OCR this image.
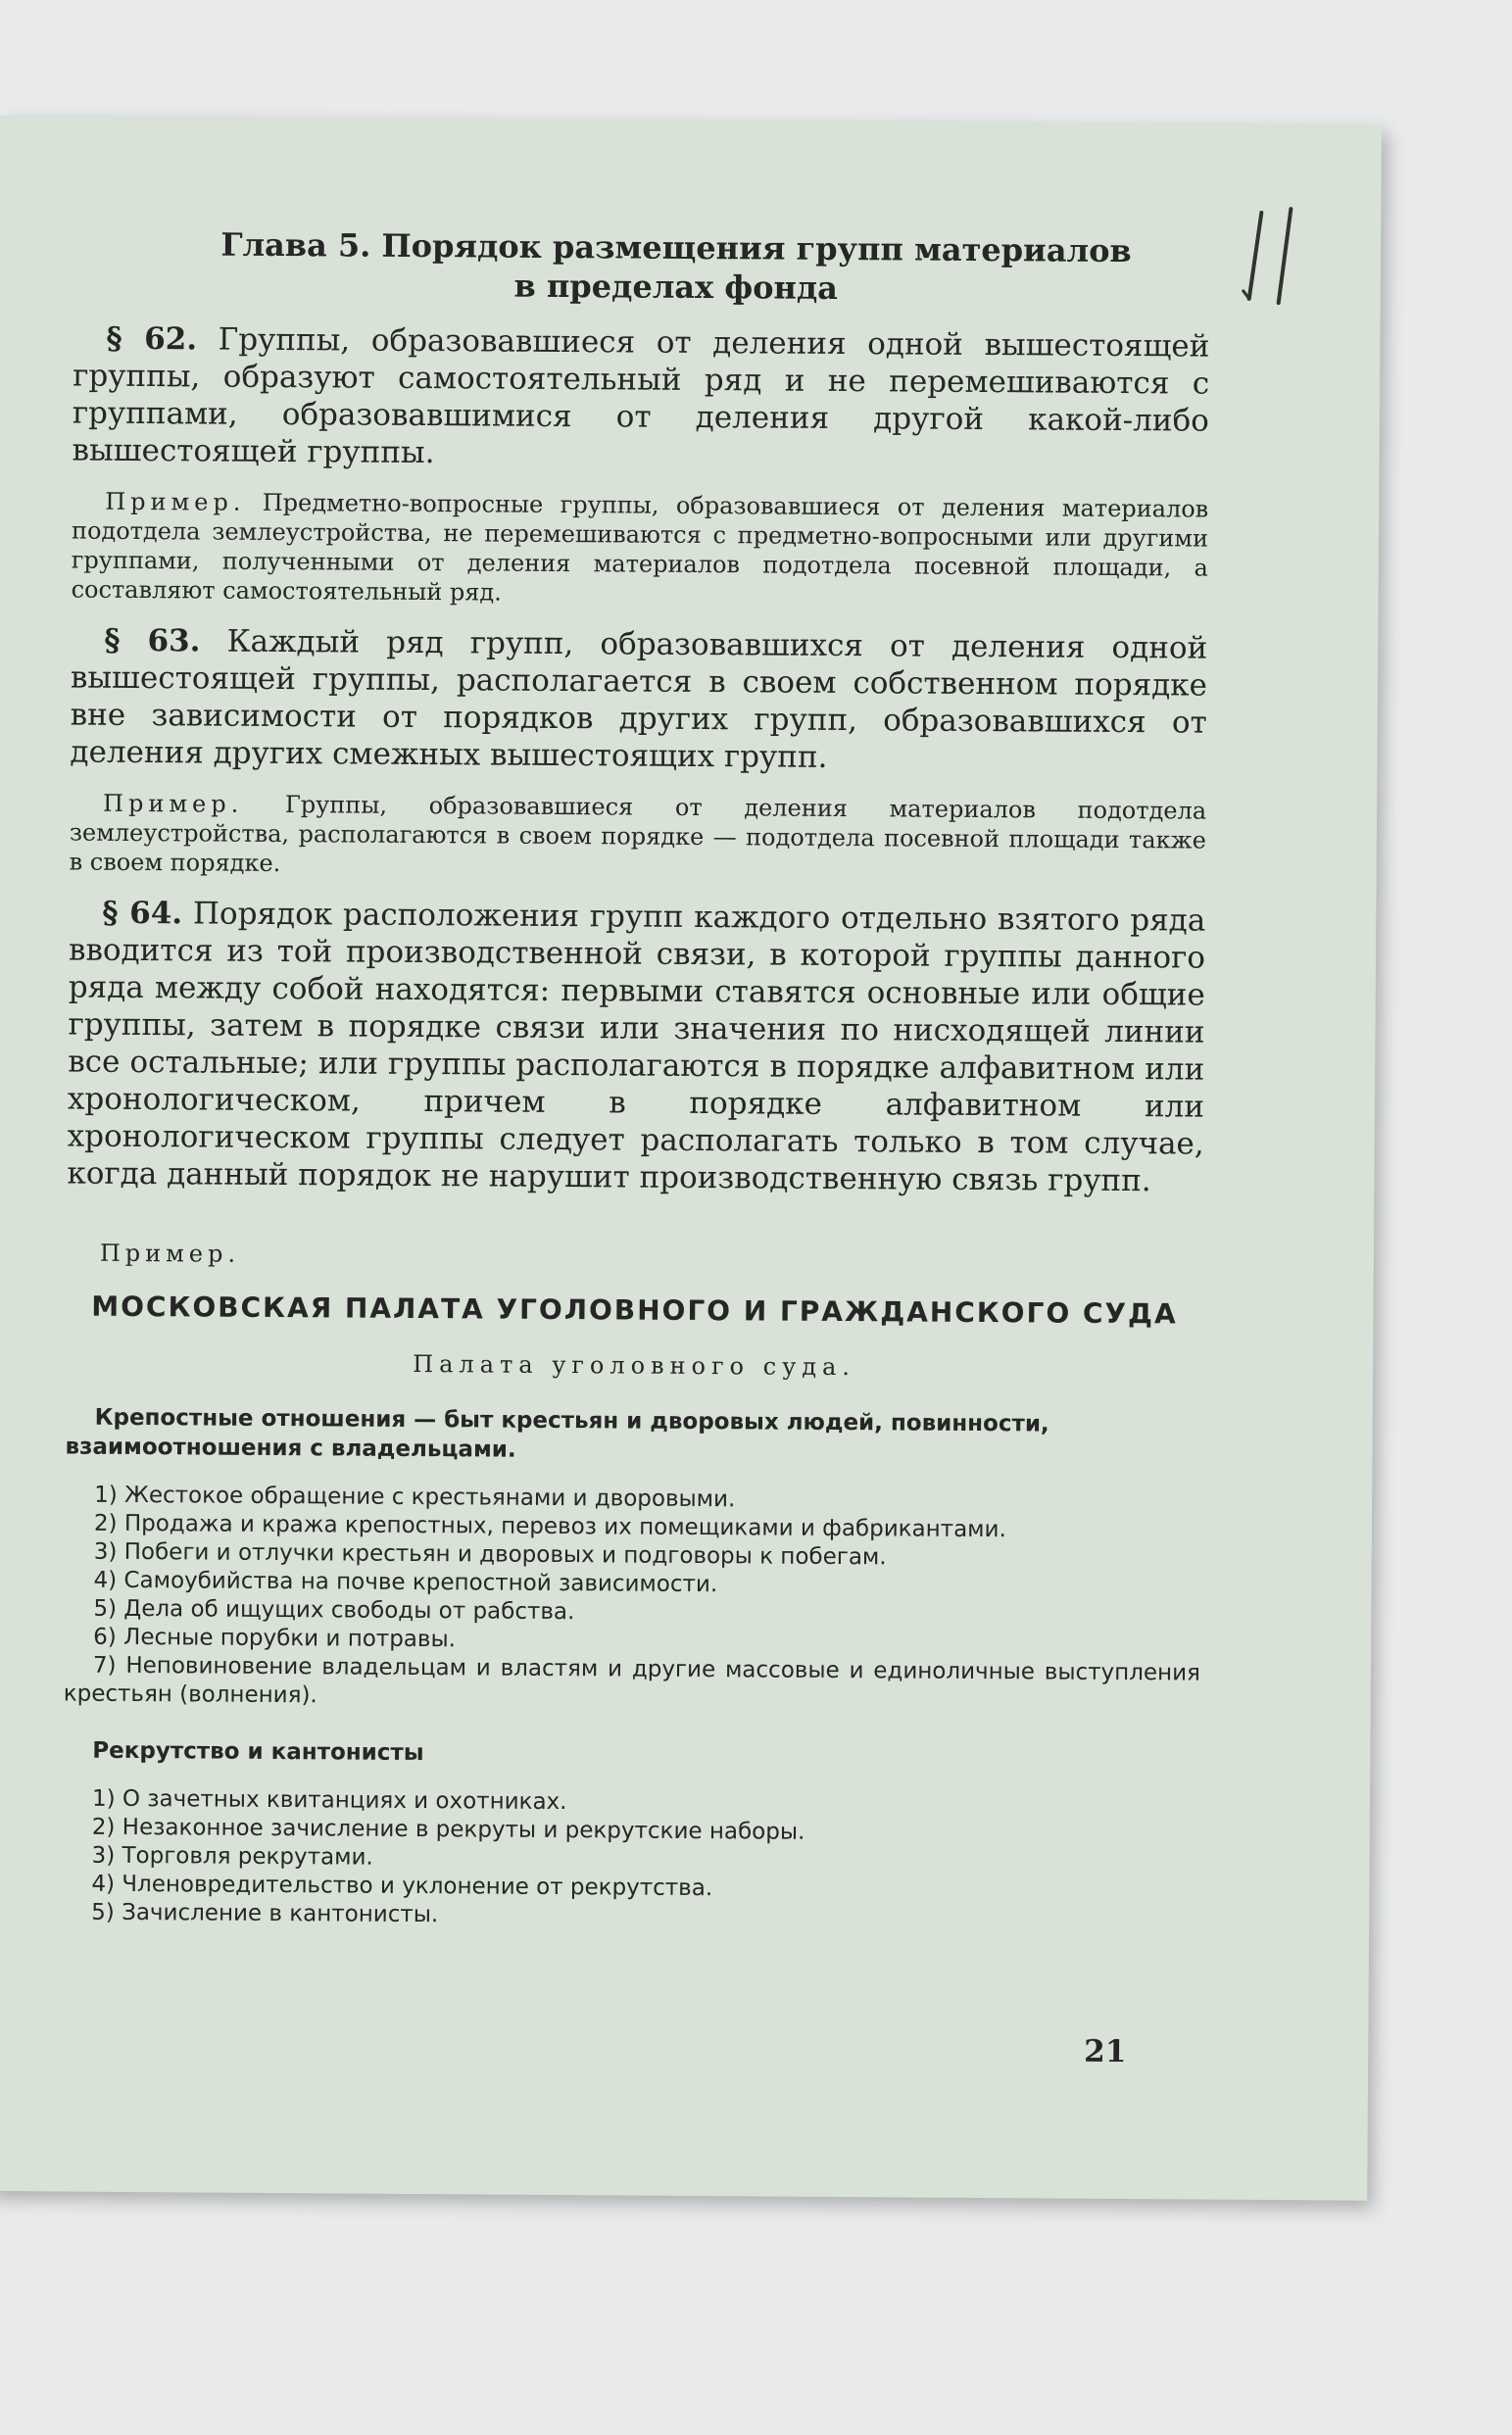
Глава 5. Порядок размещения групп материалов
в пределах фонда

§ 62. Группы, образовавшиеся от деления одной вышестоящей группы, образуют самостоятельный ряд и не перемешиваются с группами, образовавшимися от деления другой какой-либо вышестоящей группы.

Пример. Предметно-вопросные группы, образовавшиеся от деления материалов подотдела землеустройства, не перемешиваются с предметно-вопросными или другими группами, полученными от деления материалов подотдела посевной площади, а составляют самостоятельный ряд.

§ 63. Каждый ряд групп, образовавшихся от деления одной вышестоящей группы, располагается в своем собственном порядке вне зависимости от порядков других групп, образовавшихся от деления других смежных вышестоящих групп.

Пример. Группы, образовавшиеся от деления материалов подотдела землеустройства, располагаются в своем порядке — подотдела посевной площади также в своем порядке.

§ 64. Порядок расположения групп каждого отдельно взятого ряда вводится из той производственной связи, в которой группы данного ряда между собой находятся: первыми ставятся основные или общие группы, затем в порядке связи или значения по нисходящей линии все остальные; или группы располагаются в порядке алфавитном или хронологическом, причем в порядке алфавитном или хронологическом группы следует располагать только в том случае, когда данный порядок не нарушит производственную связь групп.

Пример.
МОСКОВСКАЯ ПАЛАТА УГОЛОВНОГО И ГРАЖДАНСКОГО СУДА
Палата уголовного суда.
Крепостные отношения — быт крестьян и дворовых людей, повинности, взаимоотношения с владельцами.
1) Жестокое обращение с крестьянами и дворовыми.
2) Продажа и кража крепостных, перевоз их помещиками и фабрикантами.
3) Побеги и отлучки крестьян и дворовых и подговоры к побегам.
4) Самоубийства на почве крепостной зависимости.
5) Дела об ищущих свободы от рабства.
6) Лесные порубки и потравы.
7) Неповиновение владельцам и властям и другие массовые и единоличные выступления крестьян (волнения).
Рекрутство и кантонисты
1) О зачетных квитанциях и охотниках.
2) Незаконное зачисление в рекруты и рекрутские наборы.
3) Торговля рекрутами.
4) Членовредительство и уклонение от рекрутства.
5) Зачисление в кантонисты.
21
